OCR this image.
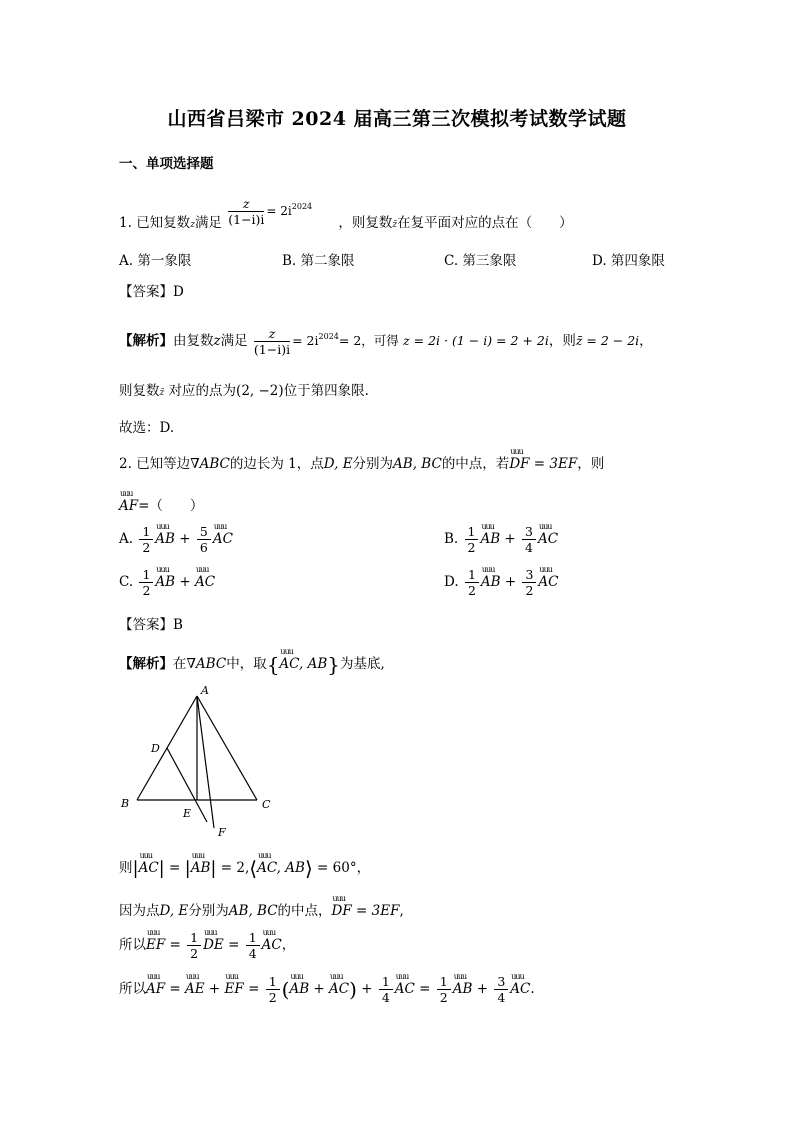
山西省吕梁市 2024 届高三第三次模拟考试数学试题
一、单项选择题
1. 已知复数z满足 $\frac{z}{(1-i)i} = 2i^{2024}$ ，则复数z̄在复平面对应的点在（　　）
A. 第一象限	B. 第二象限	C. 第三象限	D. 第四象限
【答案】D
【解析】由复数z满足 $\frac{z}{(1-i)i} = 2i^{2024}= 2$，可得 z = 2i · (1 − i) = 2 + 2i，则z̄ = 2 − 2i，
则复数z̄ 对应的点为(2, −2)位于第四象限.
故选：D.
2. 已知等边∇ABC的边长为 1，点D, E分别为AB, BC的中点，若uuu DF = 3EF，则
uuu AF=（　　）
A. $\frac{1}{2}$ uuu AB + $\frac{5}{6}$ uuu AC	B. $\frac{1}{2}$ uuu AB + $\frac{3}{4}$ uuu AC
C. $\frac{1}{2}$ uuu AB + uuu AC	D. $\frac{1}{2}$ uuu AB + $\frac{3}{2}$ uuu AC
【答案】B
【解析】在∇ABC中，取{uuu AC, AB}为基底,
A
B	C
D
E
F
则|uuu AC| = |uuu AB| = 2,⟨uuu AC, AB⟩ = 60°，
因为点D, E分别为AB, BC的中点，uuu DF = 3EF,
所以uuu EF = $\frac{1}{2}$ uuu DE = $\frac{1}{4}$ uuu AC，
所以uuu AF = uuu AE + uuu EF = $\frac{1}{2} (uuu$ AB + uuu $AC) + \frac{1}{4}$ uuu AC = $\frac{1}{2}$ uuu AB + $\frac{3}{4}$ uuu AC.
